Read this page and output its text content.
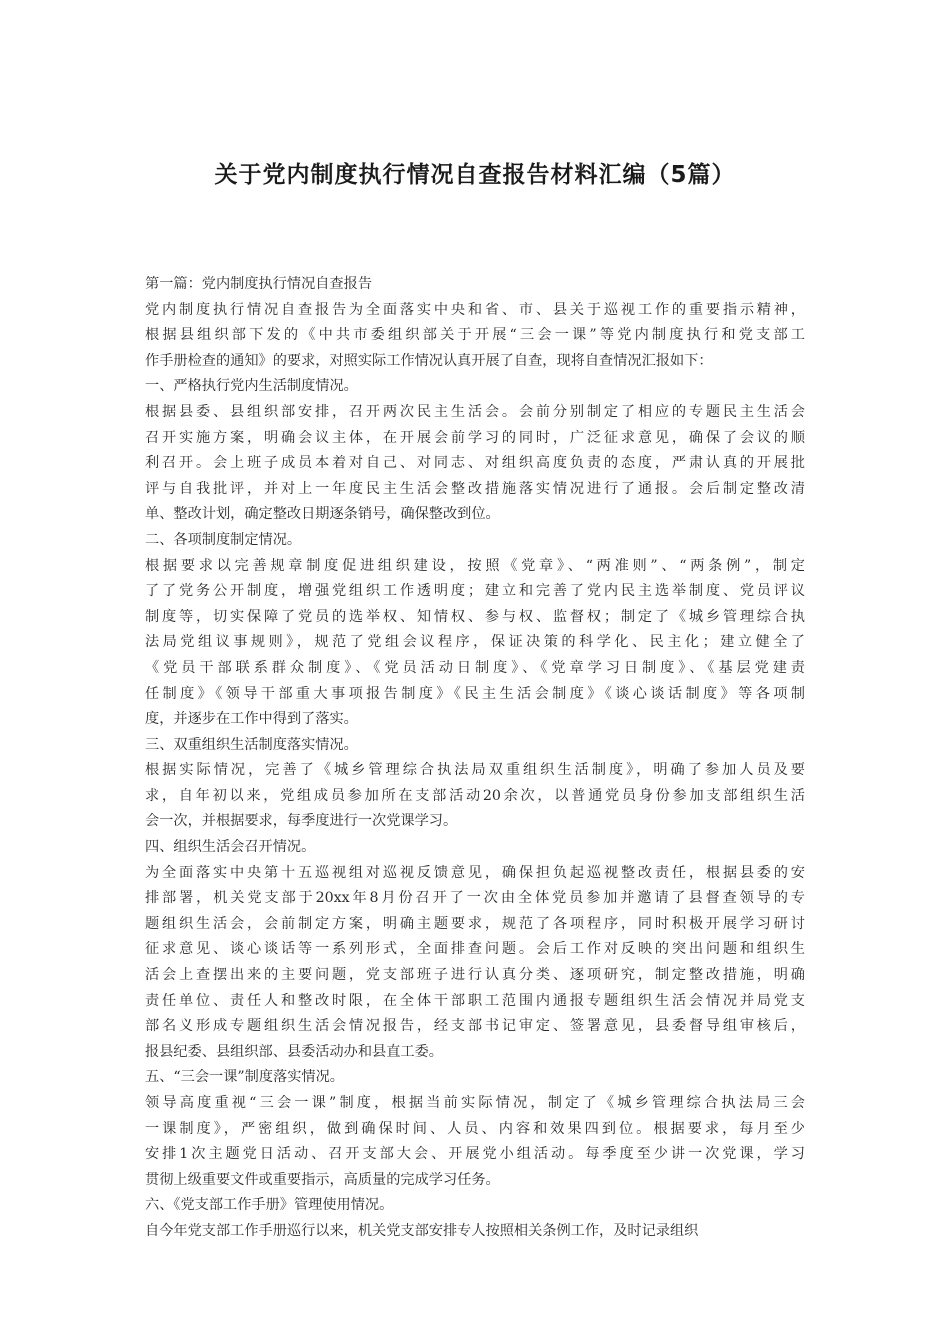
关于党内制度执行情况自查报告材料汇编（5篇）

第一篇：党内制度执行情况自查报告

党内制度执行情况自查报告为全面落实中央和省、市、县关于巡视工作的重要指示精神，

根据县组织部下发的《中共市委组织部关于开展“三会一课”等党内制度执行和党支部工

作手册检查的通知》的要求，对照实际工作情况认真开展了自查，现将自查情况汇报如下：

一、严格执行党内生活制度情况。

根据县委、县组织部安排，召开两次民主生活会。会前分别制定了相应的专题民主生活会

召开实施方案，明确会议主体，在开展会前学习的同时，广泛征求意见，确保了会议的顺

利召开。会上班子成员本着对自己、对同志、对组织高度负责的态度，严肃认真的开展批

评与自我批评，并对上一年度民主生活会整改措施落实情况进行了通报。会后制定整改清

单、整改计划，确定整改日期逐条销号，确保整改到位。

二、各项制度制定情况。

根据要求以完善规章制度促进组织建设，按照《党章》、“两准则”、“两条例”，制定

了了党务公开制度，增强党组织工作透明度；建立和完善了党内民主选举制度、党员评议

制度等，切实保障了党员的选举权、知情权、参与权、监督权；制定了《城乡管理综合执

法局党组议事规则》，规范了党组会议程序，保证决策的科学化、民主化；建立健全了

《党员干部联系群众制度》、《党员活动日制度》、《党章学习日制度》、《基层党建责

任制度》《领导干部重大事项报告制度》《民主生活会制度》《谈心谈话制度》等各项制

度，并逐步在工作中得到了落实。

三、双重组织生活制度落实情况。

根据实际情况，完善了《城乡管理综合执法局双重组织生活制度》，明确了参加人员及要

求，自年初以来，党组成员参加所在支部活动20余次，以普通党员身份参加支部组织生活

会一次，并根据要求，每季度进行一次党课学习。

四、组织生活会召开情况。

为全面落实中央第十五巡视组对巡视反馈意见，确保担负起巡视整改责任，根据县委的安

排部署，机关党支部于20xx年8月份召开了一次由全体党员参加并邀请了县督查领导的专

题组织生活会，会前制定方案，明确主题要求，规范了各项程序，同时积极开展学习研讨

征求意见、谈心谈话等一系列形式，全面排查问题。会后工作对反映的突出问题和组织生

活会上查摆出来的主要问题，党支部班子进行认真分类、逐项研究，制定整改措施，明确

责任单位、责任人和整改时限，在全体干部职工范围内通报专题组织生活会情况并局党支

部名义形成专题组织生活会情况报告，经支部书记审定、签署意见，县委督导组审核后，

报县纪委、县组织部、县委活动办和县直工委。

五、“三会一课”制度落实情况。

领导高度重视“三会一课”制度，根据当前实际情况，制定了《城乡管理综合执法局三会

一课制度》，严密组织，做到确保时间、人员、内容和效果四到位。根据要求，每月至少

安排1次主题党日活动、召开支部大会、开展党小组活动。每季度至少讲一次党课，学习

贯彻上级重要文件或重要指示，高质量的完成学习任务。

六、《党支部工作手册》管理使用情况。

自今年党支部工作手册巡行以来，机关党支部安排专人按照相关条例工作，及时记录组织
